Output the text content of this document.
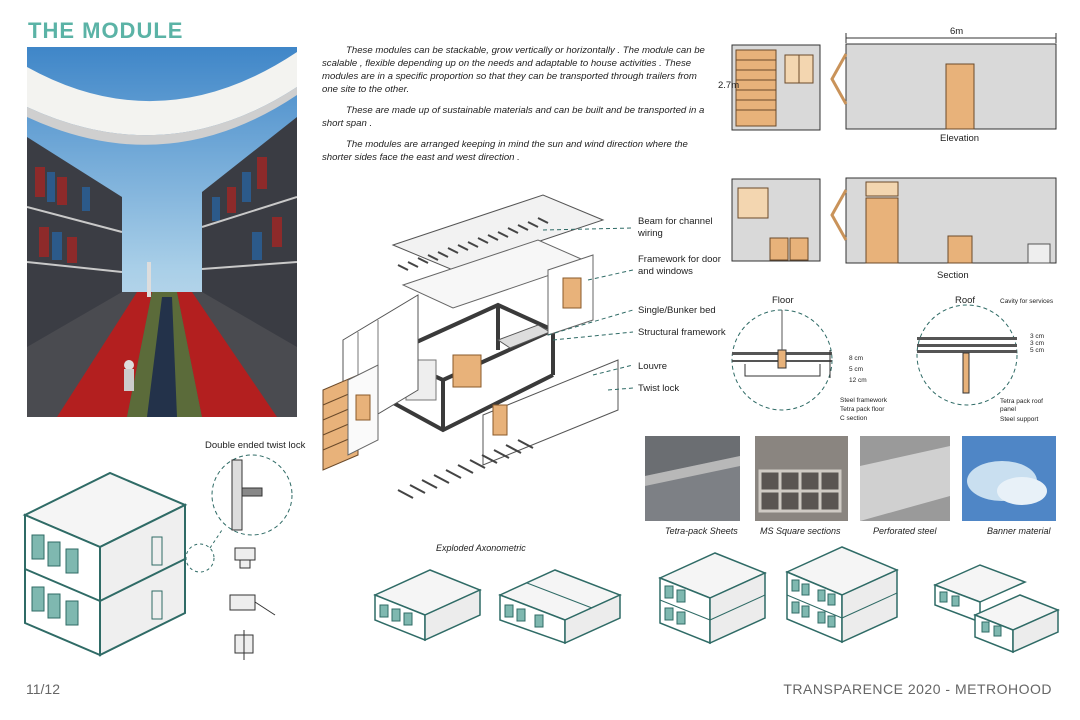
THE MODULE

These modules can be stackable, grow vertically or horizontally . The module can be scalable , flexible depending up on the needs and adaptable to house activities . These modules are in a specific proportion so that they can be transported through trailers from one site to the other.

These are made up of sustainable materials and can be built and be transported in a short span .

The modules are arranged keeping in mind the sun and wind direction where the shorter sides face the east and west direction .

2.7m
6m
Elevation
Section
Beam for channel wiring
Framework for door and windows
Single/Bunker bed
Structural framework
Louvre
Twist lock
Exploded Axonometric
Floor
8 cm
5 cm
12 cm
Steel framework
Tetra pack floor
C section
Roof	Cavity for services
3 cm
3 cm
5 cm
Tetra pack roof panel
Steel support
Tetra-pack Sheets MS Square sections	Perforated steel	Banner material
Double ended twist lock
11/12	TRANSPARENCE 2020 - METROHOOD
